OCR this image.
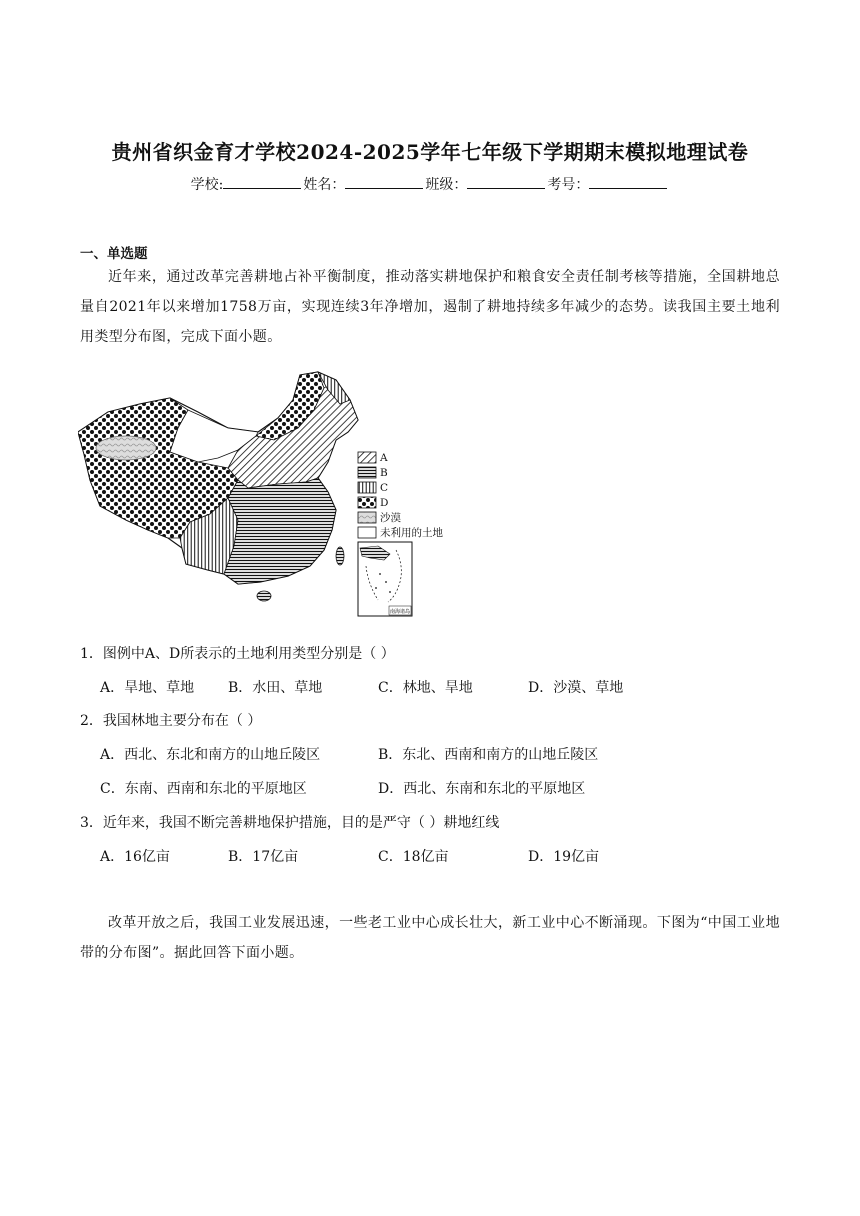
贵州省织金育才学校2024-2025学年七年级下学期期末模拟地理试卷
学校:	姓名：	班级：	考号：
一、单选题
近年来，通过改革完善耕地占补平衡制度，推动落实耕地保护和粮食安全责任制考核等措施，全国耕地总量自2021年以来增加1758万亩，实现连续3年净增加，遏制了耕地持续多年减少的态势。读我国主要土地利用类型分布图，完成下面小题。
A
B
C
D
沙漠
未利用的土地
南海诸岛
1．图例中A、D所表示的土地利用类型分别是（ ）
A．旱地、草地 B．水田、草地	C．林地、旱地	D．沙漠、草地
2．我国林地主要分布在（ ）
A．西北、东北和南方的山地丘陵区	B．东北、西南和南方的山地丘陵区
C．东南、西南和东北的平原地区	D．西北、东南和东北的平原地区
3．近年来，我国不断完善耕地保护措施，目的是严守（ ）耕地红线
A．16亿亩	B．17亿亩	C．18亿亩	D．19亿亩
改革开放之后，我国工业发展迅速，一些老工业中心成长壮大，新工业中心不断涌现。下图为“中国工业地带的分布图”。据此回答下面小题。
